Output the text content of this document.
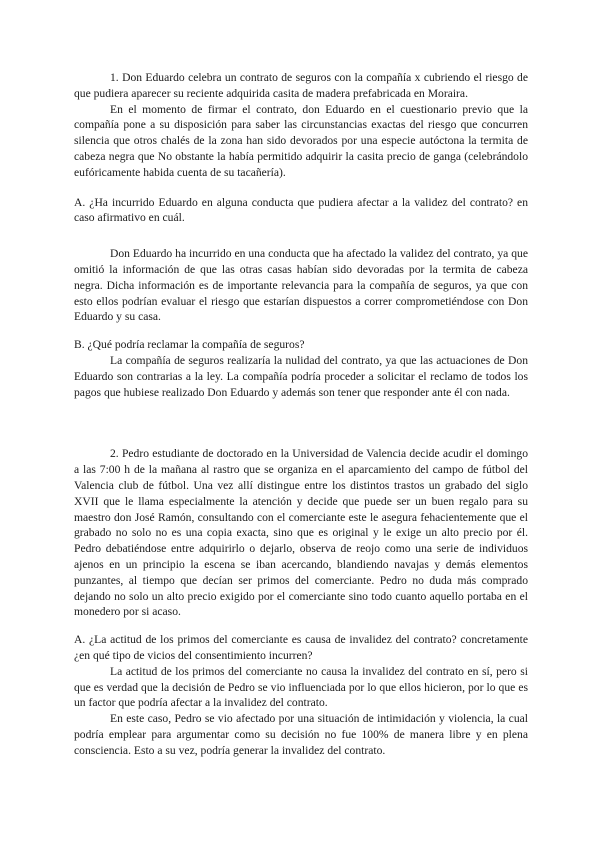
1. Don Eduardo celebra un contrato de seguros con la compañía x cubriendo el riesgo de que pudiera aparecer su reciente adquirida casita de madera prefabricada en Moraira.

En el momento de firmar el contrato, don Eduardo en el cuestionario previo que la compañía pone a su disposición para saber las circunstancias exactas del riesgo que concurren silencia que otros chalés de la zona han sido devorados por una especie autóctona la termita de cabeza negra que No obstante la había permitido adquirir la casita precio de ganga (celebrándolo eufóricamente habida cuenta de su tacañería).

A. ¿Ha incurrido Eduardo en alguna conducta que pudiera afectar a la validez del contrato? en caso afirmativo en cuál.

Don Eduardo ha incurrido en una conducta que ha afectado la validez del contrato, ya que omitió la información de que las otras casas habían sido devoradas por la termita de cabeza negra. Dicha información es de importante relevancia para la compañía de seguros, ya que con esto ellos podrían evaluar el riesgo que estarían dispuestos a correr comprometiéndose con Don Eduardo y su casa.

B. ¿Qué podría reclamar la compañía de seguros?

La compañía de seguros realizaría la nulidad del contrato, ya que las actuaciones de Don Eduardo son contrarias a la ley. La compañía podría proceder a solicitar el reclamo de todos los pagos que hubiese realizado Don Eduardo y además son tener que responder ante él con nada.

2. Pedro estudiante de doctorado en la Universidad de Valencia decide acudir el domingo a las 7:00 h de la mañana al rastro que se organiza en el aparcamiento del campo de fútbol del Valencia club de fútbol. Una vez allí distingue entre los distintos trastos un grabado del siglo XVII que le llama especialmente la atención y decide que puede ser un buen regalo para su maestro don José Ramón, consultando con el comerciante este le asegura fehacientemente que el grabado no solo no es una copia exacta, sino que es original y le exige un alto precio por él. Pedro debatiéndose entre adquirirlo o dejarlo, observa de reojo como una serie de individuos ajenos en un principio la escena se iban acercando, blandiendo navajas y demás elementos punzantes, al tiempo que decían ser primos del comerciante. Pedro no duda más comprado dejando no solo un alto precio exigido por el comerciante sino todo cuanto aquello portaba en el monedero por si acaso.

A. ¿La actitud de los primos del comerciante es causa de invalidez del contrato? concretamente ¿en qué tipo de vicios del consentimiento incurren?

La actitud de los primos del comerciante no causa la invalidez del contrato en sí, pero si que es verdad que la decisión de Pedro se vio influenciada por lo que ellos hicieron, por lo que es un factor que podría afectar a la invalidez del contrato.

En este caso, Pedro se vio afectado por una situación de intimidación y violencia, la cual podría emplear para argumentar como su decisión no fue 100% de manera libre y en plena consciencia. Esto a su vez, podría generar la invalidez del contrato.
